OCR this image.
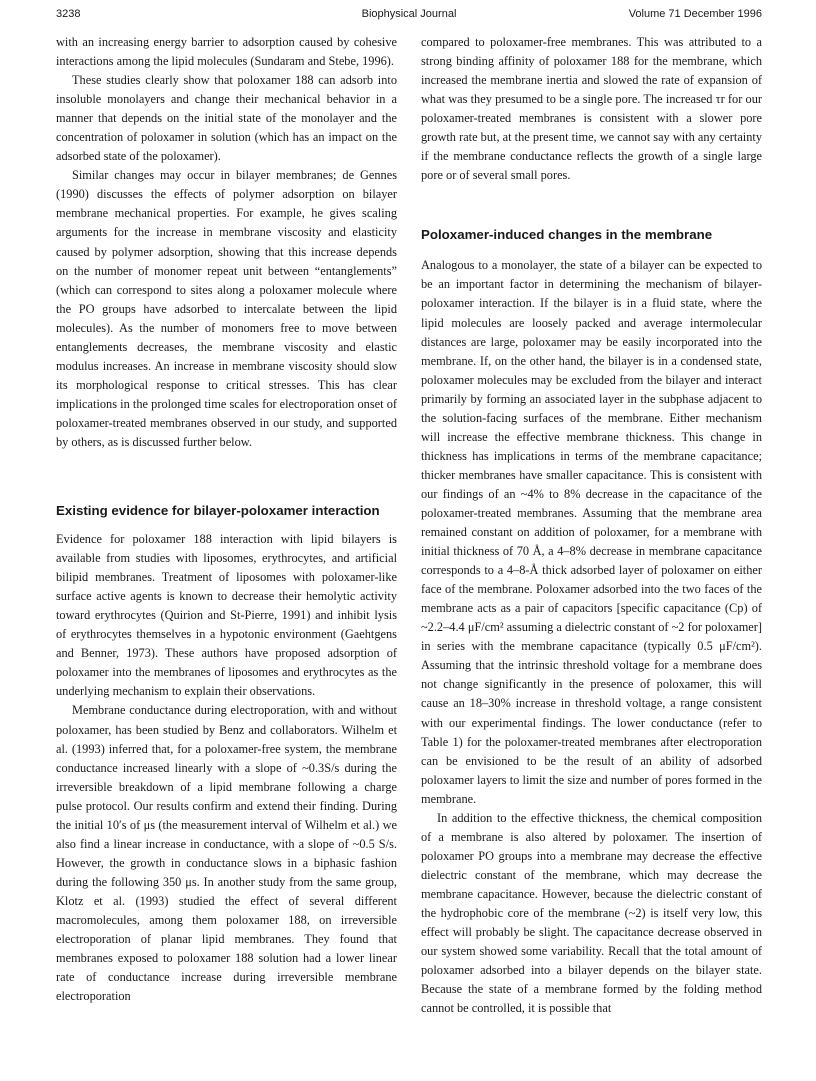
3238	Biophysical Journal	Volume 71 December 1996

with an increasing energy barrier to adsorption caused by cohesive interactions among the lipid molecules (Sundaram and Stebe, 1996).

These studies clearly show that poloxamer 188 can adsorb into insoluble monolayers and change their mechanical behavior in a manner that depends on the initial state of the monolayer and the concentration of poloxamer in solution (which has an impact on the adsorbed state of the poloxamer).

Similar changes may occur in bilayer membranes; de Gennes (1990) discusses the effects of polymer adsorption on bilayer membrane mechanical properties. For example, he gives scaling arguments for the increase in membrane viscosity and elasticity caused by polymer adsorption, showing that this increase depends on the number of monomer repeat unit between “entanglements” (which can correspond to sites along a poloxamer molecule where the PO groups have adsorbed to intercalate between the lipid molecules). As the number of monomers free to move between entanglements decreases, the membrane viscosity and elastic modulus increases. An increase in membrane viscosity should slow its morphological response to critical stresses. This has clear implications in the prolonged time scales for electroporation onset of poloxamer-treated membranes observed in our study, and supported by others, as is discussed further below.

Existing evidence for bilayer-poloxamer interaction

Evidence for poloxamer 188 interaction with lipid bilayers is available from studies with liposomes, erythrocytes, and artificial bilipid membranes. Treatment of liposomes with poloxamer-like surface active agents is known to decrease their hemolytic activity toward erythrocytes (Quirion and St-Pierre, 1991) and inhibit lysis of erythrocytes themselves in a hypotonic environment (Gaehtgens and Benner, 1973). These authors have proposed adsorption of poloxamer into the membranes of liposomes and erythrocytes as the underlying mechanism to explain their observations.

Membrane conductance during electroporation, with and without poloxamer, has been studied by Benz and collaborators. Wilhelm et al. (1993) inferred that, for a poloxamer-free system, the membrane conductance increased linearly with a slope of ~0.3S/s during the irreversible breakdown of a lipid membrane following a charge pulse protocol. Our results confirm and extend their finding. During the initial 10′s of μs (the measurement interval of Wilhelm et al.) we also find a linear increase in conductance, with a slope of ~0.5 S/s. However, the growth in conductance slows in a biphasic fashion during the following 350 μs. In another study from the same group, Klotz et al. (1993) studied the effect of several different macromolecules, among them poloxamer 188, on irreversible electroporation of planar lipid membranes. They found that membranes exposed to poloxamer 188 solution had a lower linear rate of conductance increase during irreversible membrane electroporation

compared to poloxamer-free membranes. This was attributed to a strong binding affinity of poloxamer 188 for the membrane, which increased the membrane inertia and slowed the rate of expansion of what was they presumed to be a single pore. The increased τr for our poloxamer-treated membranes is consistent with a slower pore growth rate but, at the present time, we cannot say with any certainty if the membrane conductance reflects the growth of a single large pore or of several small pores.

Poloxamer-induced changes in the membrane

Analogous to a monolayer, the state of a bilayer can be expected to be an important factor in determining the mechanism of bilayer-poloxamer interaction. If the bilayer is in a fluid state, where the lipid molecules are loosely packed and average intermolecular distances are large, poloxamer may be easily incorporated into the membrane. If, on the other hand, the bilayer is in a condensed state, poloxamer molecules may be excluded from the bilayer and interact primarily by forming an associated layer in the subphase adjacent to the solution-facing surfaces of the membrane. Either mechanism will increase the effective membrane thickness. This change in thickness has implications in terms of the membrane capacitance; thicker membranes have smaller capacitance. This is consistent with our findings of an ~4% to 8% decrease in the capacitance of the poloxamer-treated membranes. Assuming that the membrane area remained constant on addition of poloxamer, for a membrane with initial thickness of 70 Å, a 4–8% decrease in membrane capacitance corresponds to a 4–8-Å thick adsorbed layer of poloxamer on either face of the membrane. Poloxamer adsorbed into the two faces of the membrane acts as a pair of capacitors [specific capacitance (Cp) of ~2.2–4.4 μF/cm² assuming a dielectric constant of ~2 for poloxamer] in series with the membrane capacitance (typically 0.5 μF/cm²). Assuming that the intrinsic threshold voltage for a membrane does not change significantly in the presence of poloxamer, this will cause an 18–30% increase in threshold voltage, a range consistent with our experimental findings. The lower conductance (refer to Table 1) for the poloxamer-treated membranes after electroporation can be envisioned to be the result of an ability of adsorbed poloxamer layers to limit the size and number of pores formed in the membrane.

In addition to the effective thickness, the chemical composition of a membrane is also altered by poloxamer. The insertion of poloxamer PO groups into a membrane may decrease the effective dielectric constant of the membrane, which may decrease the membrane capacitance. However, because the dielectric constant of the hydrophobic core of the membrane (~2) is itself very low, this effect will probably be slight. The capacitance decrease observed in our system showed some variability. Recall that the total amount of poloxamer adsorbed into a bilayer depends on the bilayer state. Because the state of a membrane formed by the folding method cannot be controlled, it is possible that
